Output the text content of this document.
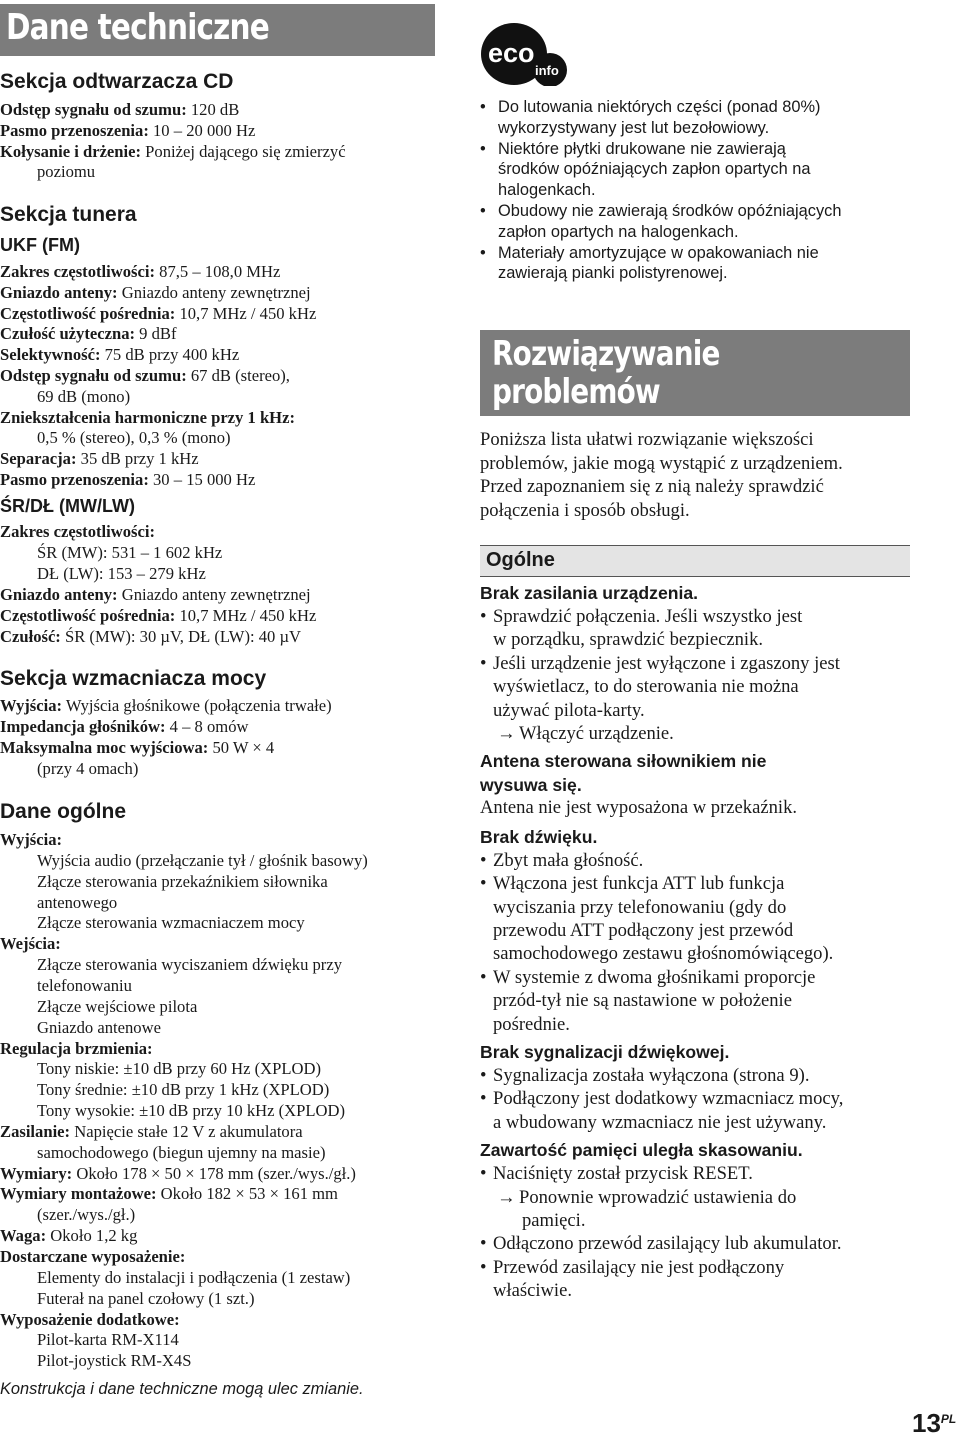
Dane techniczne
Sekcja odtwarzacza CD
Odstęp sygnału od szumu: 120 dB
Pasmo przenoszenia: 10 – 20 000 Hz
Kołysanie i drżenie: Poniżej dającego się zmierzyć
poziomu
Sekcja tunera
UKF (FM)
Zakres częstotliwości: 87,5 – 108,0 MHz
Gniazdo anteny: Gniazdo anteny zewnętrznej
Częstotliwość pośrednia: 10,7 MHz / 450 kHz
Czułość użyteczna: 9 dBf
Selektywność: 75 dB przy 400 kHz
Odstęp sygnału od szumu: 67 dB (stereo),
69 dB (mono)
Zniekształcenia harmoniczne przy 1 kHz:
0,5 % (stereo), 0,3 % (mono)
Separacja: 35 dB przy 1 kHz
Pasmo przenoszenia: 30 – 15 000 Hz
ŚR/DŁ (MW/LW)
Zakres częstotliwości:
ŚR (MW): 531 – 1 602 kHz
DŁ (LW): 153 – 279 kHz
Gniazdo anteny: Gniazdo anteny zewnętrznej
Częstotliwość pośrednia: 10,7 MHz / 450 kHz
Czułość: ŚR (MW): 30 µV, DŁ (LW): 40 µV
Sekcja wzmacniacza mocy
Wyjścia: Wyjścia głośnikowe (połączenia trwałe)
Impedancja głośników: 4 – 8 omów
Maksymalna moc wyjściowa: 50 W × 4
(przy 4 omach)
Dane ogólne
Wyjścia:
Wyjścia audio (przełączanie tył / głośnik basowy)
Złącze sterowania przekaźnikiem siłownika
antenowego
Złącze sterowania wzmacniaczem mocy
Wejścia:
Złącze sterowania wyciszaniem dźwięku przy
telefonowaniu
Złącze wejściowe pilota
Gniazdo antenowe
Regulacja brzmienia:
Tony niskie: ±10 dB przy 60 Hz (XPLOD)
Tony średnie: ±10 dB przy 1 kHz (XPLOD)
Tony wysokie: ±10 dB przy 10 kHz (XPLOD)
Zasilanie: Napięcie stałe 12 V z akumulatora
samochodowego (biegun ujemny na masie)
Wymiary: Około 178 × 50 × 178 mm (szer./wys./gł.)
Wymiary montażowe: Około 182 × 53 × 161 mm
(szer./wys./gł.)
Waga: Około 1,2 kg
Dostarczane wyposażenie:
Elementy do instalacji i podłączenia (1 zestaw)
Futerał na panel czołowy (1 szt.)
Wyposażenie dodatkowe:
Pilot-karta RM-X114
Pilot-joystick RM-X4S
Konstrukcja i dane techniczne mogą ulec zmianie.
eco
info
• Do lutowania niektórych części (ponad 80%)
wykorzystywany jest lut bezołowiowy.
• Niektóre płytki drukowane nie zawierają
środków opóźniających zapłon opartych na
halogenkach.
• Obudowy nie zawierają środków opóźniających
zapłon opartych na halogenkach.
• Materiały amortyzujące w opakowaniach nie
zawierają pianki polistyrenowej.
Rozwiązywanie
problemów
Poniższa lista ułatwi rozwiązanie większości
problemów, jakie mogą wystąpić z urządzeniem.
Przed zapoznaniem się z nią należy sprawdzić
połączenia i sposób obsługi.
Ogólne
Brak zasilania urządzenia.
• Sprawdzić połączenia. Jeśli wszystko jest
w porządku, sprawdzić bezpiecznik.
• Jeśli urządzenie jest wyłączone i zgaszony jest
wyświetlacz, to do sterowania nie można
używać pilota-karty.
→ Włączyć urządzenie.
Antena sterowana siłownikiem nie
wysuwa się.
Antena nie jest wyposażona w przekaźnik.
Brak dźwięku.
• Zbyt mała głośność.
• Włączona jest funkcja ATT lub funkcja
wyciszania przy telefonowaniu (gdy do
przewodu ATT podłączony jest przewód
samochodowego zestawu głośnomówiącego).
• W systemie z dwoma głośnikami proporcje
przód-tył nie są nastawione w położenie
pośrednie.
Brak sygnalizacji dźwiękowej.
• Sygnalizacja została wyłączona (strona 9).
• Podłączony jest dodatkowy wzmacniacz mocy,
a wbudowany wzmacniacz nie jest używany.
Zawartość pamięci uległa skasowaniu.
• Naciśnięty został przycisk RESET.
→ Ponownie wprowadzić ustawienia do
pamięci.
• Odłączono przewód zasilający lub akumulator.
• Przewód zasilający nie jest podłączony
właściwie.
$13^{PL}$
